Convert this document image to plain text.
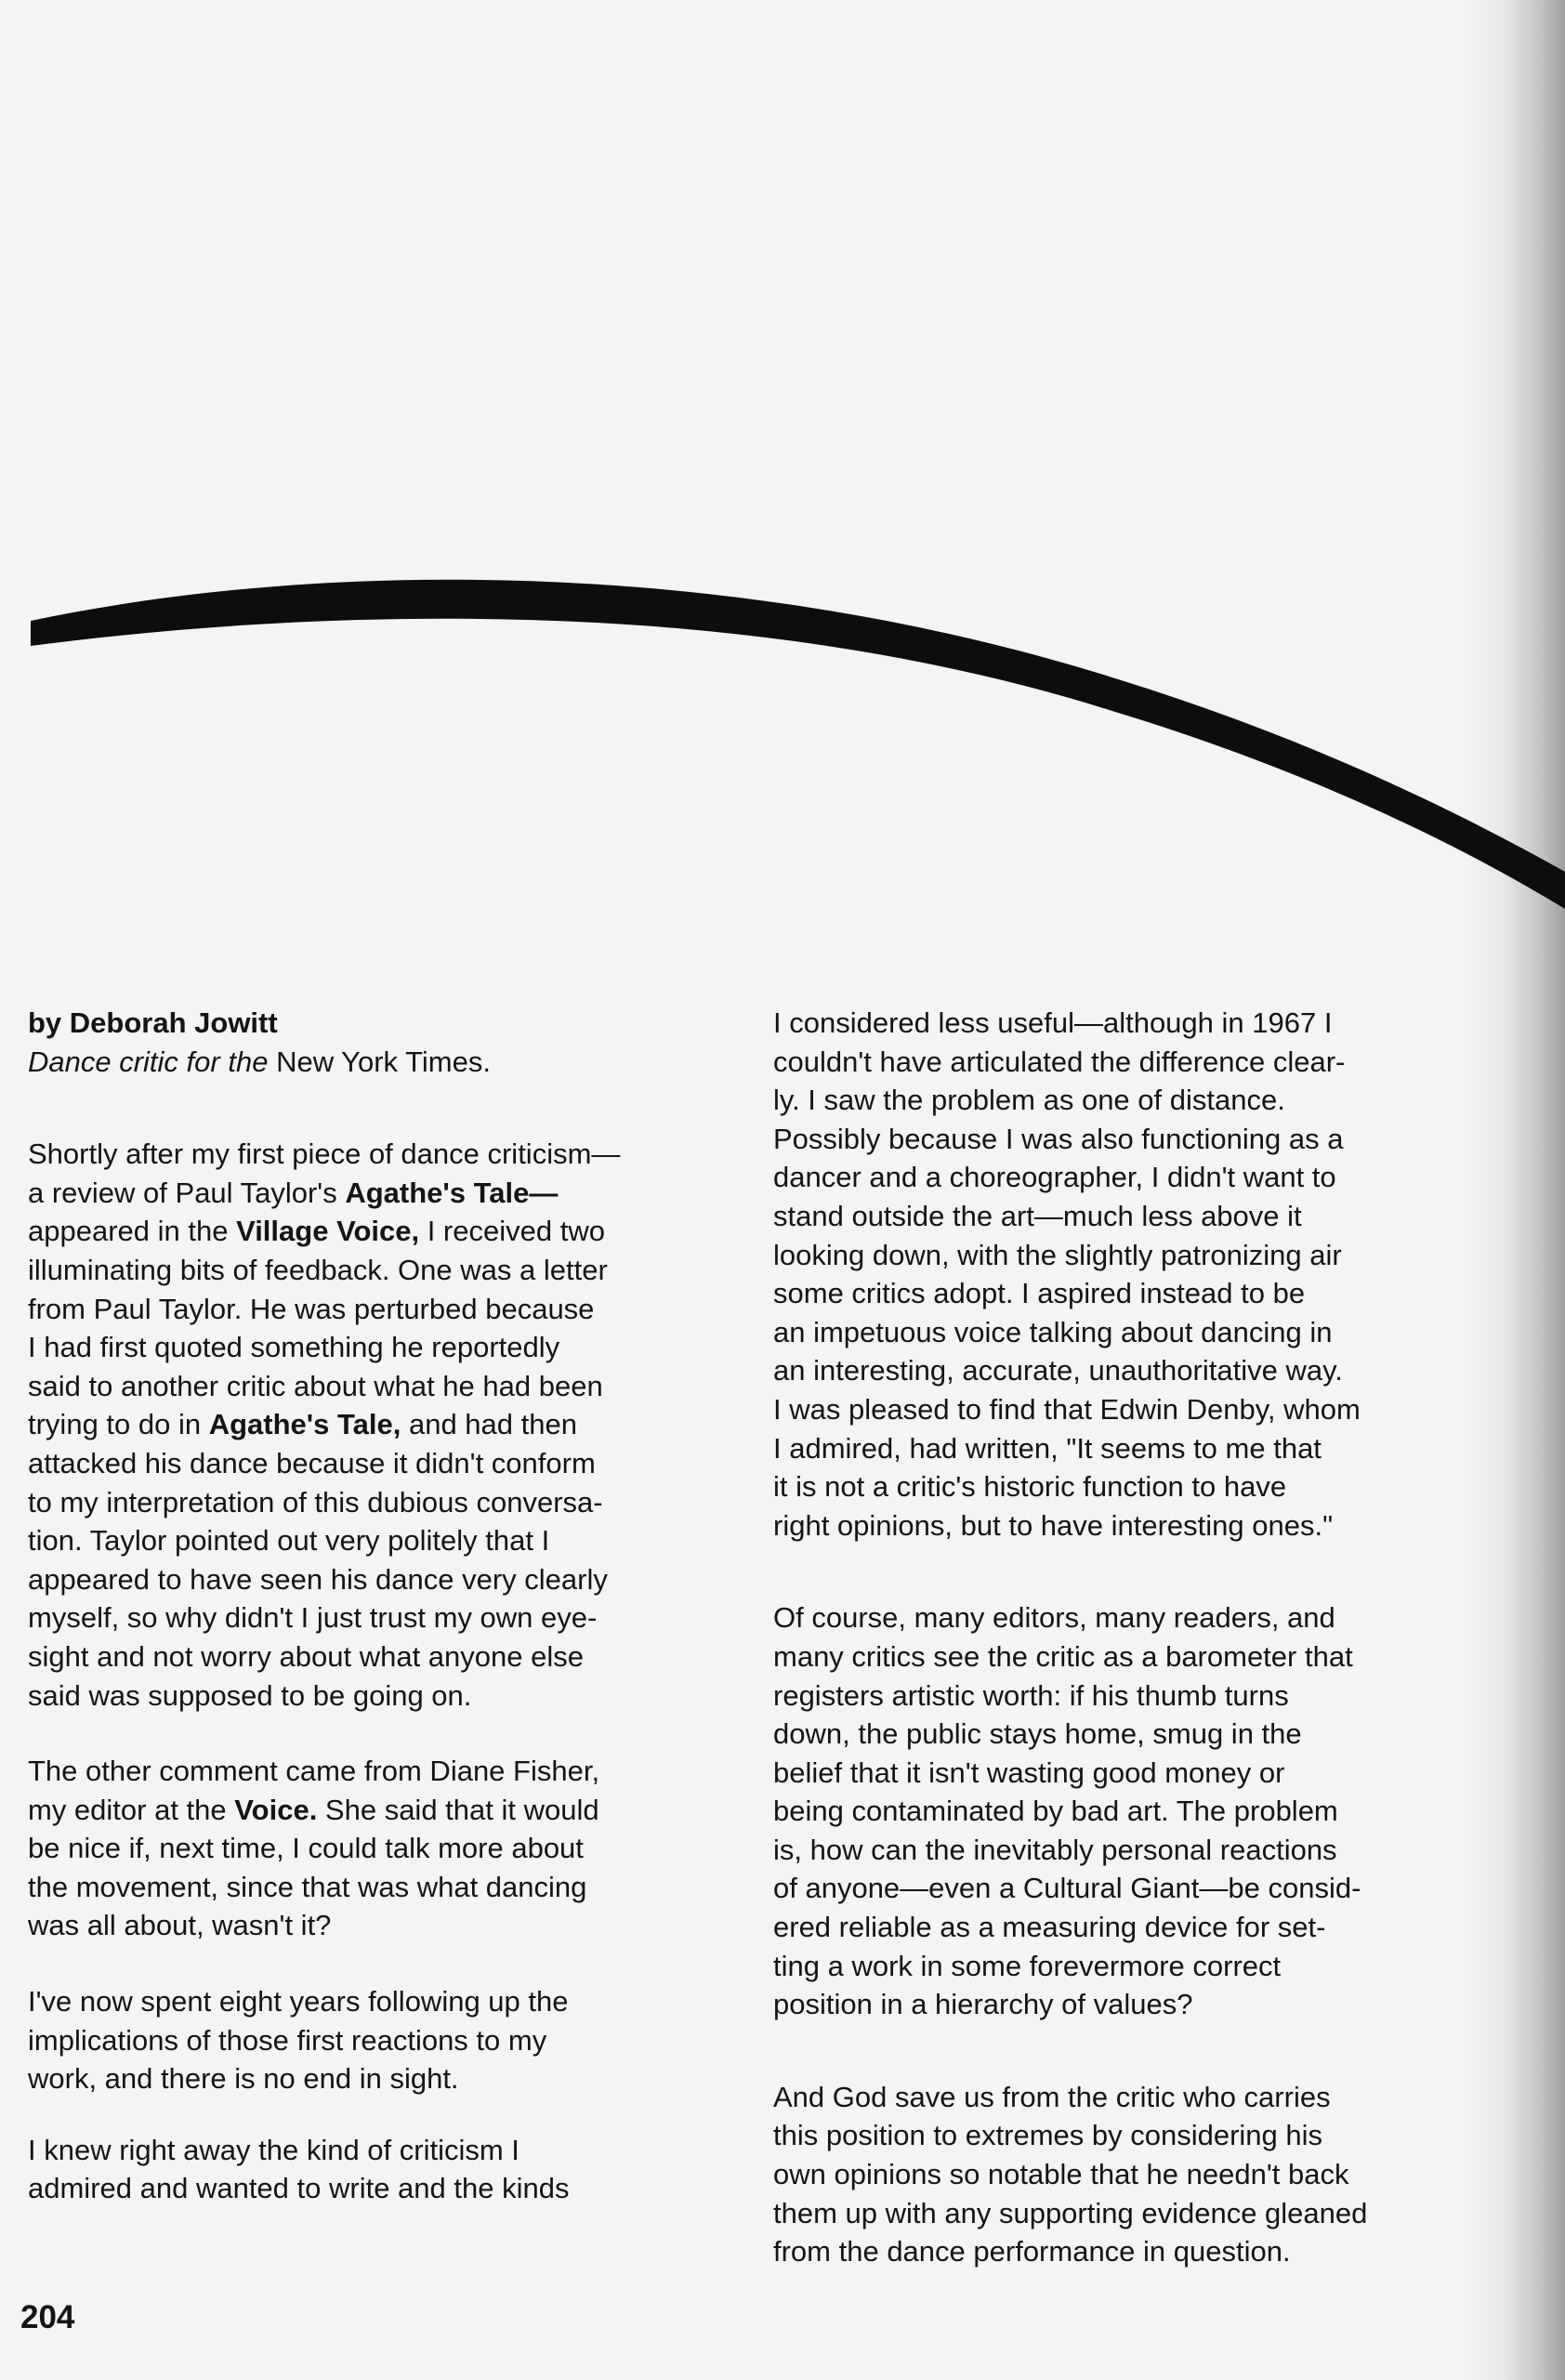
by Deborah Jowitt
Dance critic for the New York Times.
Shortly after my first piece of dance criticism—
a review of Paul Taylor's Agathe's Tale—
appeared in the Village Voice, I received two
illuminating bits of feedback. One was a letter
from Paul Taylor. He was perturbed because
I had first quoted something he reportedly
said to another critic about what he had been
trying to do in Agathe's Tale, and had then
attacked his dance because it didn't conform
to my interpretation of this dubious conversa-
tion. Taylor pointed out very politely that I
appeared to have seen his dance very clearly
myself, so why didn't I just trust my own eye-
sight and not worry about what anyone else
said was supposed to be going on.
The other comment came from Diane Fisher,
my editor at the Voice. She said that it would
be nice if, next time, I could talk more about
the movement, since that was what dancing
was all about, wasn't it?
I've now spent eight years following up the
implications of those first reactions to my
work, and there is no end in sight.
I knew right away the kind of criticism I
admired and wanted to write and the kinds
I considered less useful—although in 1967 I
couldn't have articulated the difference clear-
ly. I saw the problem as one of distance.
Possibly because I was also functioning as a
dancer and a choreographer, I didn't want to
stand outside the art—much less above it
looking down, with the slightly patronizing air
some critics adopt. I aspired instead to be
an impetuous voice talking about dancing in
an interesting, accurate, unauthoritative way.
I was pleased to find that Edwin Denby, whom
I admired, had written, "It seems to me that
it is not a critic's historic function to have
right opinions, but to have interesting ones."
Of course, many editors, many readers, and
many critics see the critic as a barometer that
registers artistic worth: if his thumb turns
down, the public stays home, smug in the
belief that it isn't wasting good money or
being contaminated by bad art. The problem
is, how can the inevitably personal reactions
of anyone—even a Cultural Giant—be consid-
ered reliable as a measuring device for set-
ting a work in some forevermore correct
position in a hierarchy of values?
And God save us from the critic who carries
this position to extremes by considering his
own opinions so notable that he needn't back
them up with any supporting evidence gleaned
from the dance performance in question.
204
